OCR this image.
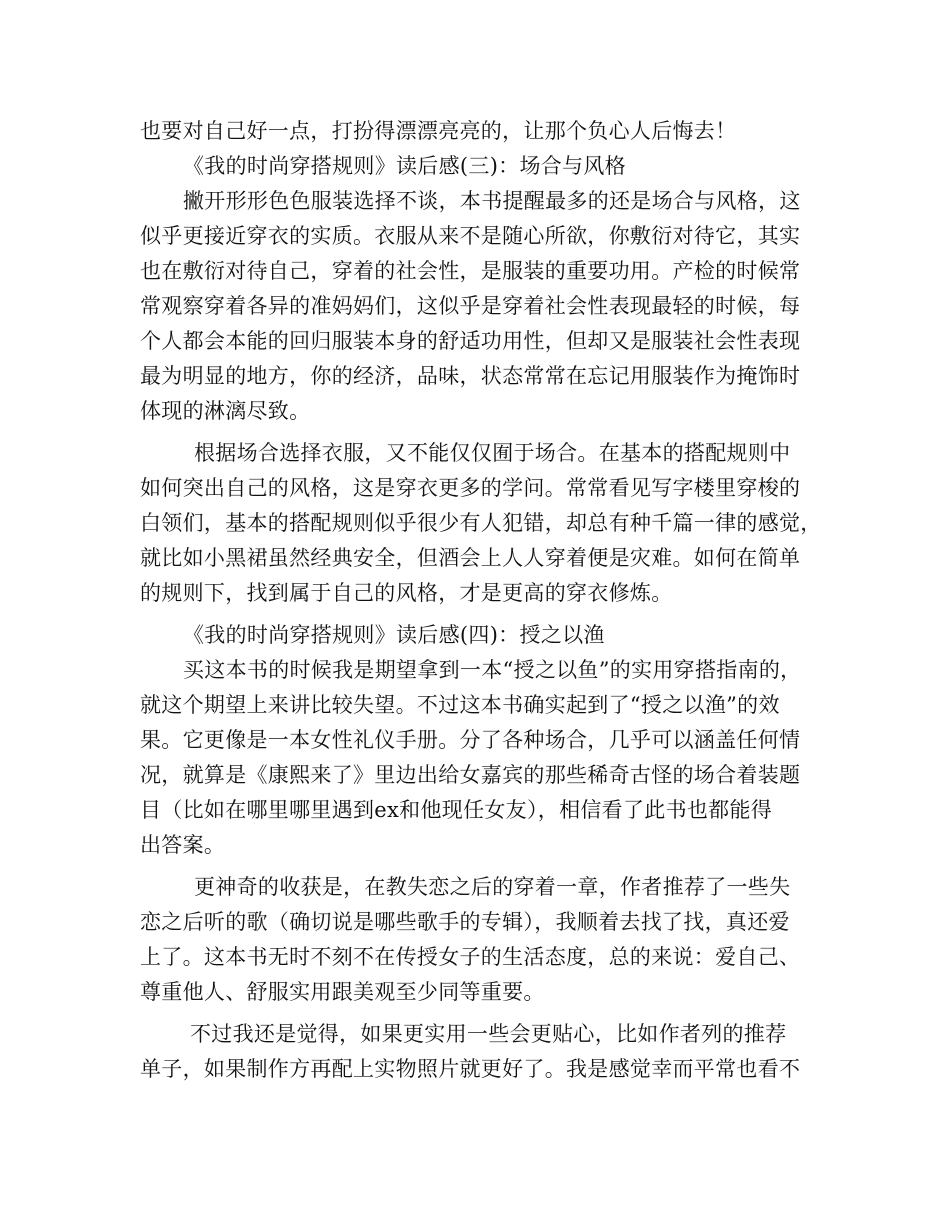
也要对自己好一点，打扮得漂漂亮亮的，让那个负心人后悔去！
《我的时尚穿搭规则》读后感(三)：场合与风格
撇开形形色色服装选择不谈，本书提醒最多的还是场合与风格，这
似乎更接近穿衣的实质。衣服从来不是随心所欲，你敷衍对待它，其实
也在敷衍对待自己，穿着的社会性，是服装的重要功用。产检的时候常
常观察穿着各异的准妈妈们，这似乎是穿着社会性表现最轻的时候，每
个人都会本能的回归服装本身的舒适功用性，但却又是服装社会性表现
最为明显的地方，你的经济，品味，状态常常在忘记用服装作为掩饰时
体现的淋漓尽致。
根据场合选择衣服，又不能仅仅囿于场合。在基本的搭配规则中
如何突出自己的风格，这是穿衣更多的学问。常常看见写字楼里穿梭的
白领们，基本的搭配规则似乎很少有人犯错，却总有种千篇一律的感觉，
就比如小黑裙虽然经典安全，但酒会上人人穿着便是灾难。如何在简单
的规则下，找到属于自己的风格，才是更高的穿衣修炼。
《我的时尚穿搭规则》读后感(四)：授之以渔
买这本书的时候我是期望拿到一本“授之以鱼”的实用穿搭指南的，
就这个期望上来讲比较失望。不过这本书确实起到了“授之以渔”的效
果。它更像是一本女性礼仪手册。分了各种场合，几乎可以涵盖任何情
况，就算是《康熙来了》里边出给女嘉宾的那些稀奇古怪的场合着装题
目（比如在哪里哪里遇到ex和他现任女友），相信看了此书也都能得
出答案。
更神奇的收获是，在教失恋之后的穿着一章，作者推荐了一些失
恋之后听的歌（确切说是哪些歌手的专辑），我顺着去找了找，真还爱
上了。这本书无时不刻不在传授女子的生活态度，总的来说：爱自己、
尊重他人、舒服实用跟美观至少同等重要。
不过我还是觉得，如果更实用一些会更贴心，比如作者列的推荐
单子，如果制作方再配上实物照片就更好了。我是感觉幸而平常也看不
